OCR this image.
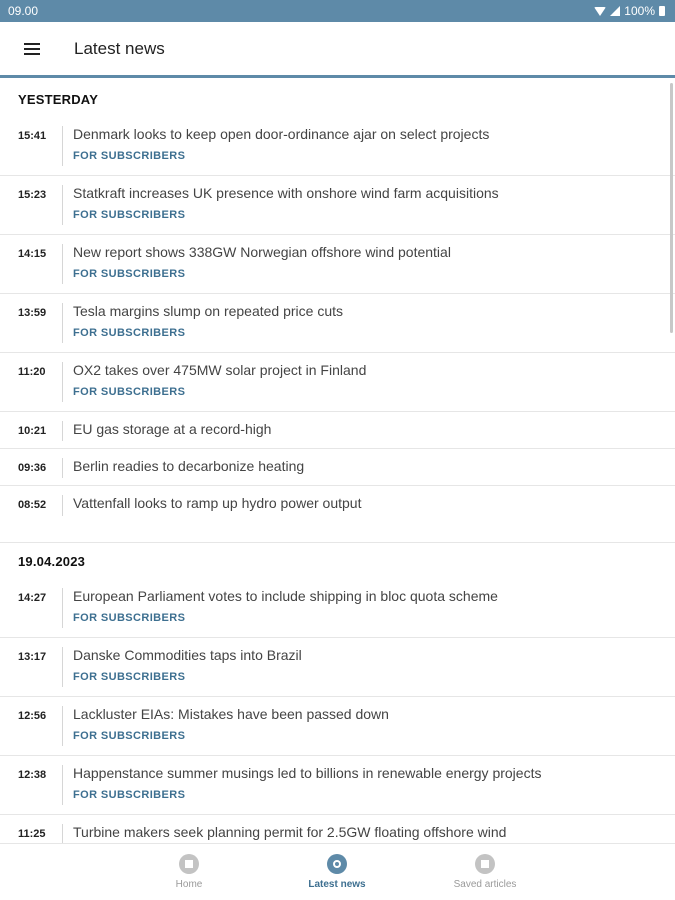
09.00	100%
Latest news
YESTERDAY
15:41	Denmark looks to keep open door-ordinance ajar on select projects
FOR SUBSCRIBERS
15:23	Statkraft increases UK presence with onshore wind farm acquisitions
FOR SUBSCRIBERS
14:15	New report shows 338GW Norwegian offshore wind potential
FOR SUBSCRIBERS
13:59	Tesla margins slump on repeated price cuts
FOR SUBSCRIBERS
11:20	OX2 takes over 475MW solar project in Finland
FOR SUBSCRIBERS
10:21	EU gas storage at a record-high
09:36	Berlin readies to decarbonize heating
08:52	Vattenfall looks to ramp up hydro power output
19.04.2023
14:27	European Parliament votes to include shipping in bloc quota scheme
FOR SUBSCRIBERS
13:17	Danske Commodities taps into Brazil
FOR SUBSCRIBERS
12:56	Lackluster EIAs: Mistakes have been passed down
FOR SUBSCRIBERS
12:38	Happenstance summer musings led to billions in renewable energy projects
FOR SUBSCRIBERS
11:25	Turbine makers seek planning permit for 2.5GW floating offshore wind
Home	Latest news	Saved articles
